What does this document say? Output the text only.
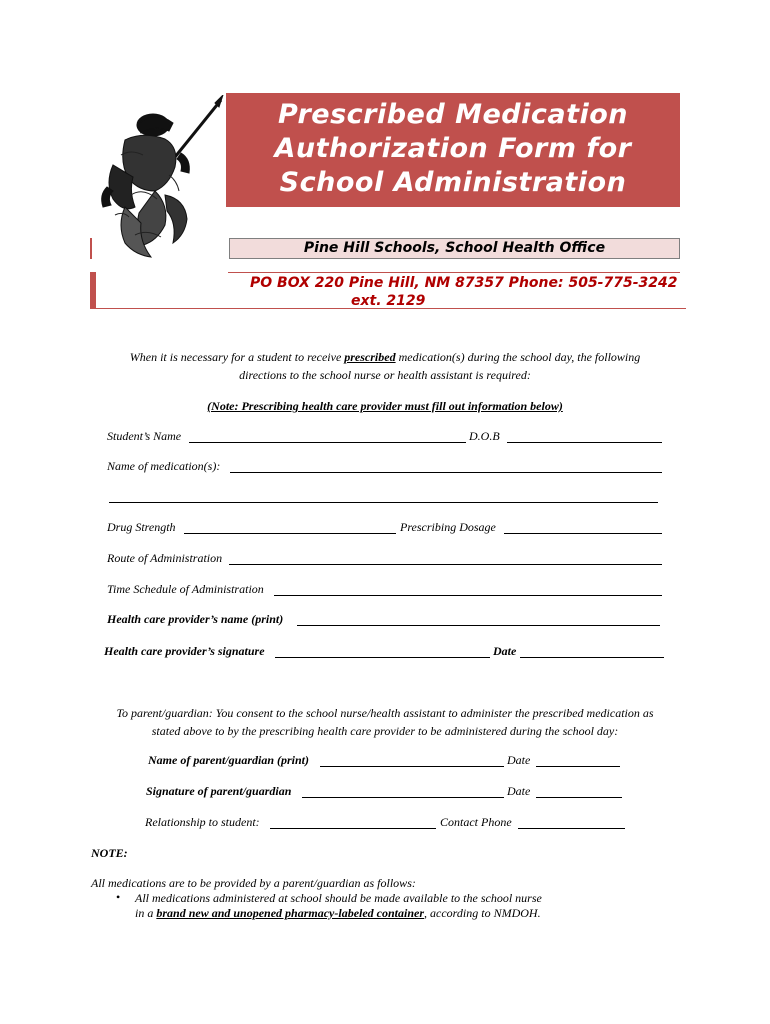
Prescribed Medication
Authorization Form for
School Administration
Pine Hill Schools, School Health Office
PO BOX 220 Pine Hill, NM 87357 Phone: 505-775-3242
ext. 2129
When it is necessary for a student to receive prescribed medication(s) during the school day, the following
directions to the school nurse or health assistant is required:
(Note: Prescribing health care provider must fill out information below)
Student’s Name	D.O.B
Name of medication(s):
Drug Strength	Prescribing Dosage
Route of Administration
Time Schedule of Administration
Health care provider’s name (print)
Health care provider’s signature	Date
To parent/guardian: You consent to the school nurse/health assistant to administer the prescribed medication as
stated above to by the prescribing health care provider to be administered during the school day:
Name of parent/guardian (print)	Date
Signature of parent/guardian	Date
Relationship to student:	Contact Phone
NOTE:
All medications are to be provided by a parent/guardian as follows:
• All medications administered at school should be made available to the school nurse
in a brand new and unopened pharmacy-labeled container, according to NMDOH.
